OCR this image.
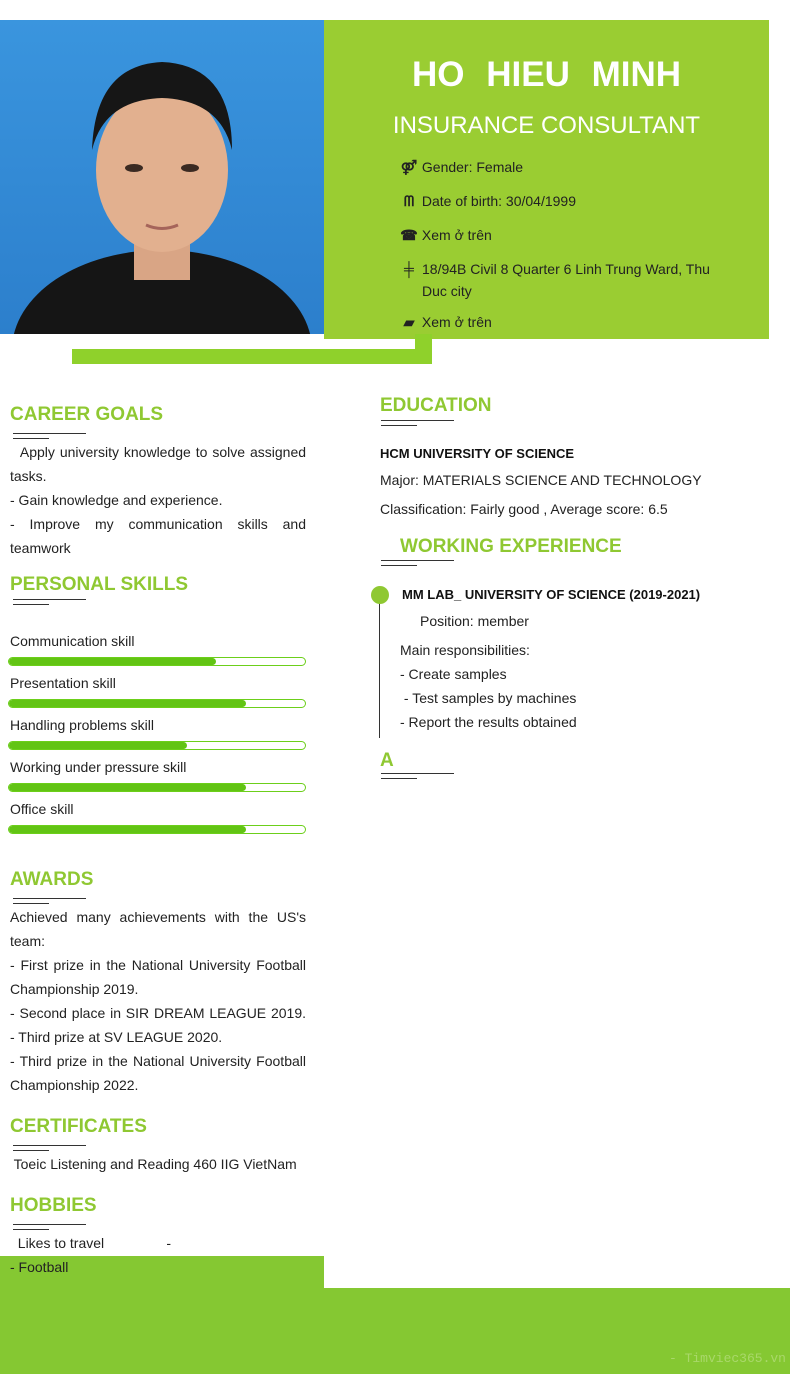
HO HIEU MINH
INSURANCE CONSULTANT
⚤ Gender: Female
ᗰ Date of birth: 30/04/1999
☎ Xem ở trên
╪ 18/94B Civil 8 Quarter 6 Linh Trung Ward, Thu Duc city
▰ Xem ở trên
CAREER GOALS
Apply university knowledge to solve assigned tasks.
- Gain knowledge and experience.
- Improve my communication skills and teamwork
PERSONAL SKILLS
Communication skill
Presentation skill
Handling problems skill
Working under pressure skill
Office skill
AWARDS
Achieved many achievements with the US's team:
- First prize in the National University Football Championship 2019.
- Second place in SIR DREAM LEAGUE 2019. - Third prize at SV LEAGUE 2020.
- Third prize in the National University Football Championship 2022.
CERTIFICATES
Toeic Listening and Reading 460 IIG VietNam
HOBBIES
Likes to travel                -
- Football
- Timviec365.vn
EDUCATION
HCM UNIVERSITY OF SCIENCE
Major: MATERIALS SCIENCE AND TECHNOLOGY
Classification: Fairly good , Average score: 6.5
WORKING EXPERIENCE
MM LAB_ UNIVERSITY OF SCIENCE (2019-2021)
Position: member
Main responsibilities:
- Create samples
- Test samples by machines
- Report the results obtained
A
